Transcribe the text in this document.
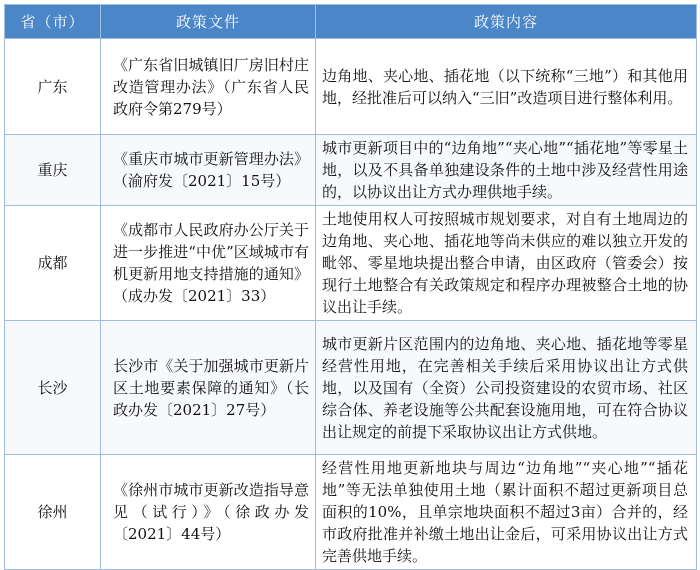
省（市）	政策文件	政策内容
广东	《广东省旧城镇旧厂房旧村庄改造管理办法》（广东省人民政府令第279号）	边角地、夹心地、插花地（以下统称“三地”）和其他用地，经批准后可以纳入“三旧”改造项目进行整体利用。
重庆	《重庆市城市更新管理办法》（渝府发〔2021〕15号）	城市更新项目中的“边角地”“夹心地”“插花地”等零星土地，以及不具备单独建设条件的土地中涉及经营性用途的，以协议出让方式办理供地手续。
成都	《成都市人民政府办公厅关于进一步推进“中优”区域城市有机更新用地支持措施的通知》（成办发〔2021〕33）	土地使用权人可按照城市规划要求，对自有土地周边的边角地、夹心地、插花地等尚未供应的难以独立开发的毗邻、零星地块提出整合申请，由区政府（管委会）按现行土地整合有关政策规定和程序办理被整合土地的协议出让手续。
长沙	长沙市《关于加强城市更新片区土地要素保障的通知》（长政办发〔2021〕27号）	城市更新片区范围内的边角地、夹心地、插花地等零星经营性用地，在完善相关手续后采用协议出让方式供地，以及国有（全资）公司投资建设的农贸市场、社区综合体、养老设施等公共配套设施用地，可在符合协议出让规定的前提下采取协议出让方式供地。
徐州	《徐州市城市更新改造指导意见（试行）》（徐政办发〔2021〕44号）	经营性用地更新地块与周边“边角地”“夹心地”“插花地”等无法单独使用土地（累计面积不超过更新项目总面积的10%，且单宗地块面积不超过3亩）合并的，经市政府批准并补缴土地出让金后，可采用协议出让方式完善供地手续。
